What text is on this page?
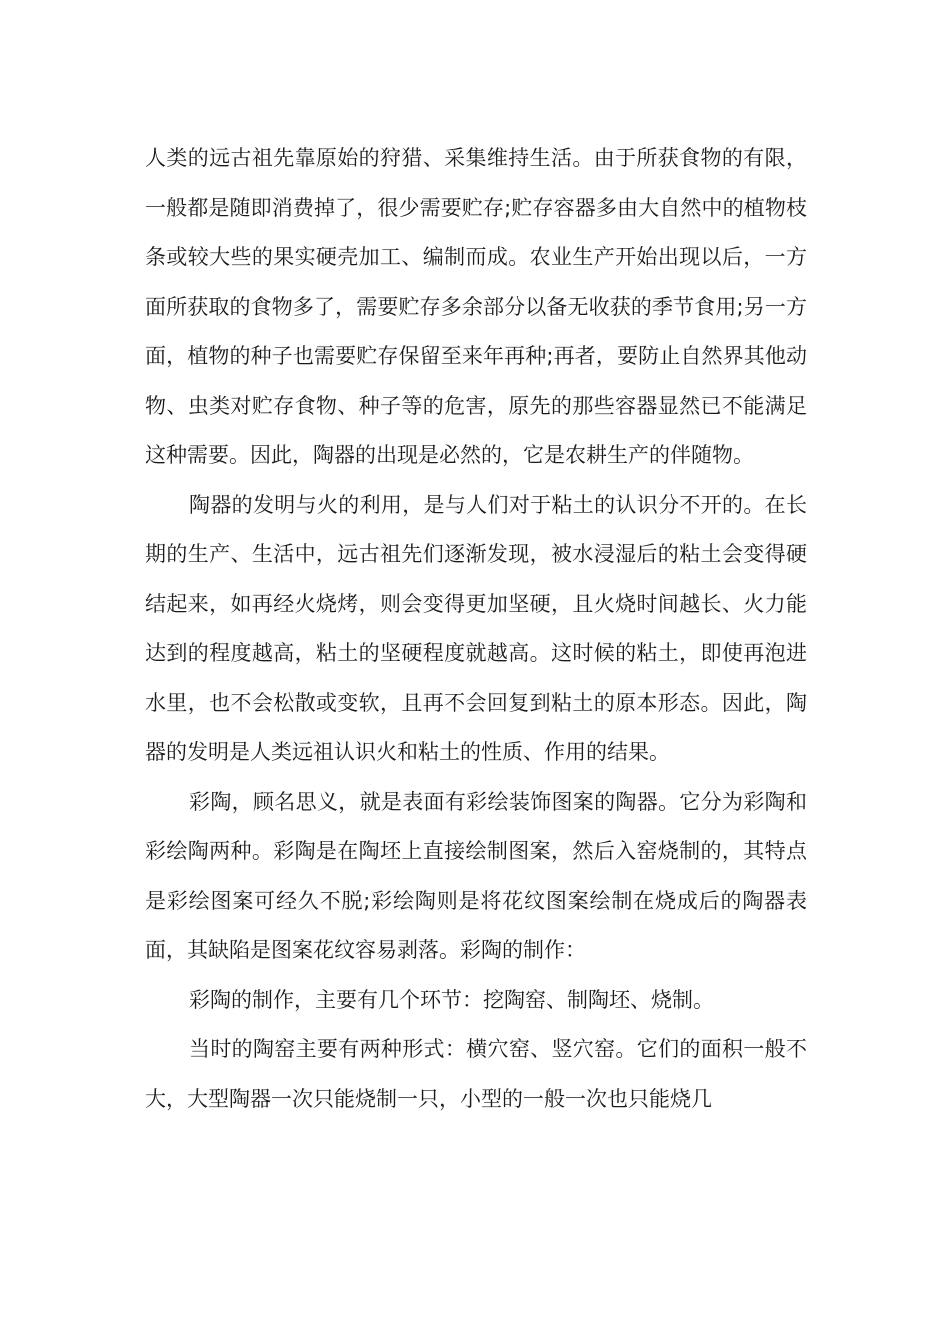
人类的远古祖先靠原始的狩猎、采集维持生活。由于所获食物的有限，一般都是随即消费掉了，很少需要贮存;贮存容器多由大自然中的植物枝条或较大些的果实硬壳加工、编制而成。农业生产开始出现以后，一方面所获取的食物多了，需要贮存多余部分以备无收获的季节食用;另一方面，植物的种子也需要贮存保留至来年再种;再者，要防止自然界其他动物、虫类对贮存食物、种子等的危害，原先的那些容器显然已不能满足这种需要。因此，陶器的出现是必然的，它是农耕生产的伴随物。

陶器的发明与火的利用，是与人们对于粘土的认识分不开的。在长期的生产、生活中，远古祖先们逐渐发现，被水浸湿后的粘土会变得硬结起来，如再经火烧烤，则会变得更加坚硬，且火烧时间越长、火力能达到的程度越高，粘土的坚硬程度就越高。这时候的粘土，即使再泡进水里，也不会松散或变软，且再不会回复到粘土的原本形态。因此，陶器的发明是人类远祖认识火和粘土的性质、作用的结果。

彩陶，顾名思义，就是表面有彩绘装饰图案的陶器。它分为彩陶和彩绘陶两种。彩陶是在陶坯上直接绘制图案，然后入窑烧制的，其特点是彩绘图案可经久不脱;彩绘陶则是将花纹图案绘制在烧成后的陶器表面，其缺陷是图案花纹容易剥落。彩陶的制作：

彩陶的制作，主要有几个环节：挖陶窑、制陶坯、烧制。

当时的陶窑主要有两种形式：横穴窑、竖穴窑。它们的面积一般不大，大型陶器一次只能烧制一只，小型的一般一次也只能烧几
